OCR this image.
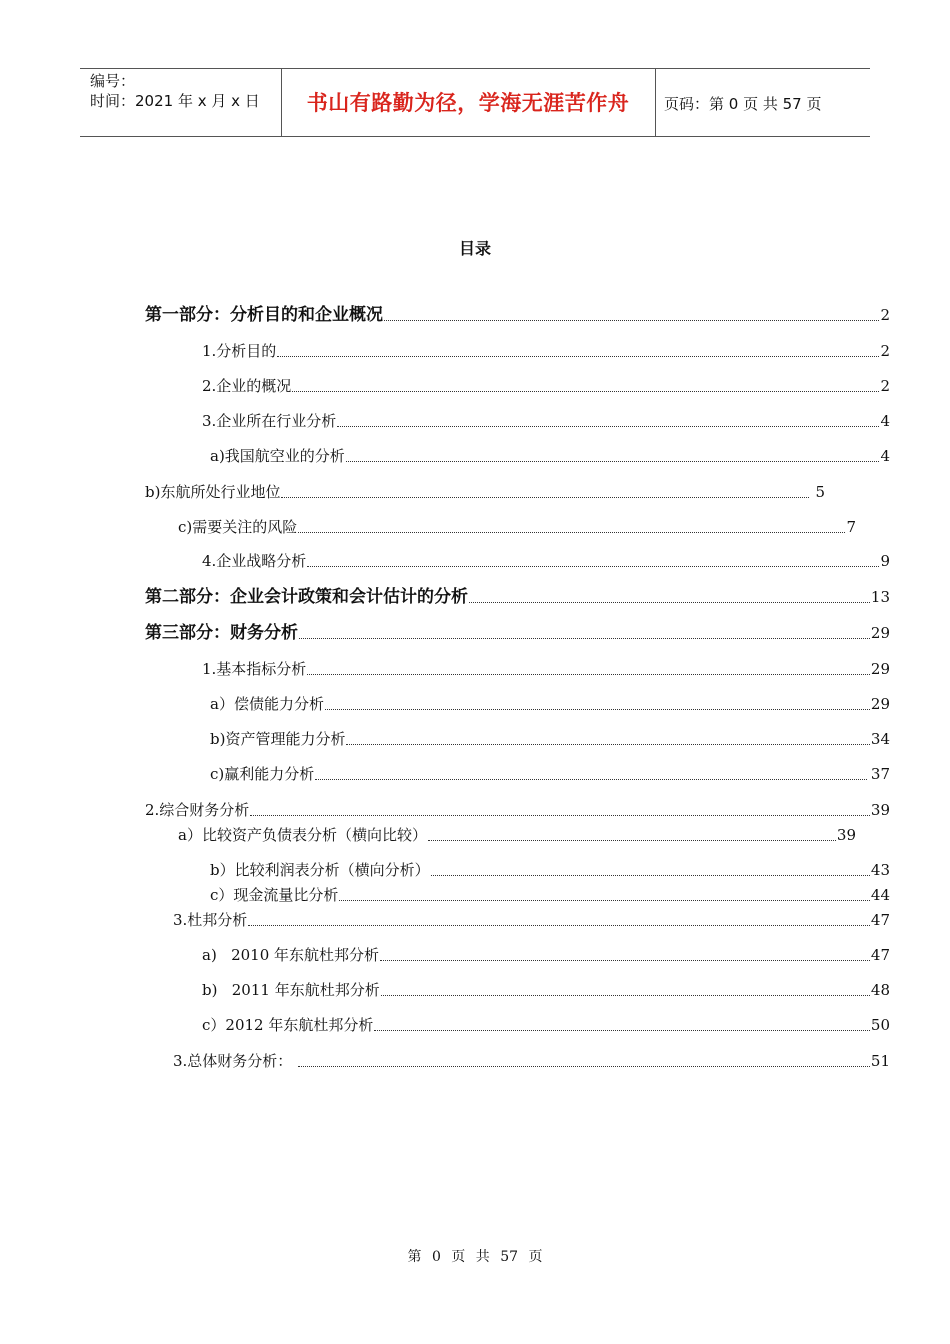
编号：
时间：2021 年 x 月 x 日	书山有路勤为径，学海无涯苦作舟	页码：第 0 页 共 57 页
目录
第一部分：分析目的和企业概况	2
1.分析目的	2
2.企业的概况	2
3.企业所在行业分析	4
a)我国航空业的分析	4
b)东航所处行业地位	5
c)需要关注的风险	7
4.企业战略分析	9
第二部分：企业会计政策和会计估计的分析	13
第三部分：财务分析	29
1.基本指标分析	29
a）偿债能力分析	29
b)资产管理能力分析	34
c)赢利能力分析	37
2.综合财务分析	39
a）比较资产负债表分析（横向比较）	39
b）比较利润表分析（横向分析）	43
c）现金流量比分析	44
3.杜邦分析	47
a)   2010 年东航杜邦分析	47
b)   2011 年东航杜邦分析	48
c）2012 年东航杜邦分析	50
3.总体财务分析：	51
第 0 页 共 57 页
